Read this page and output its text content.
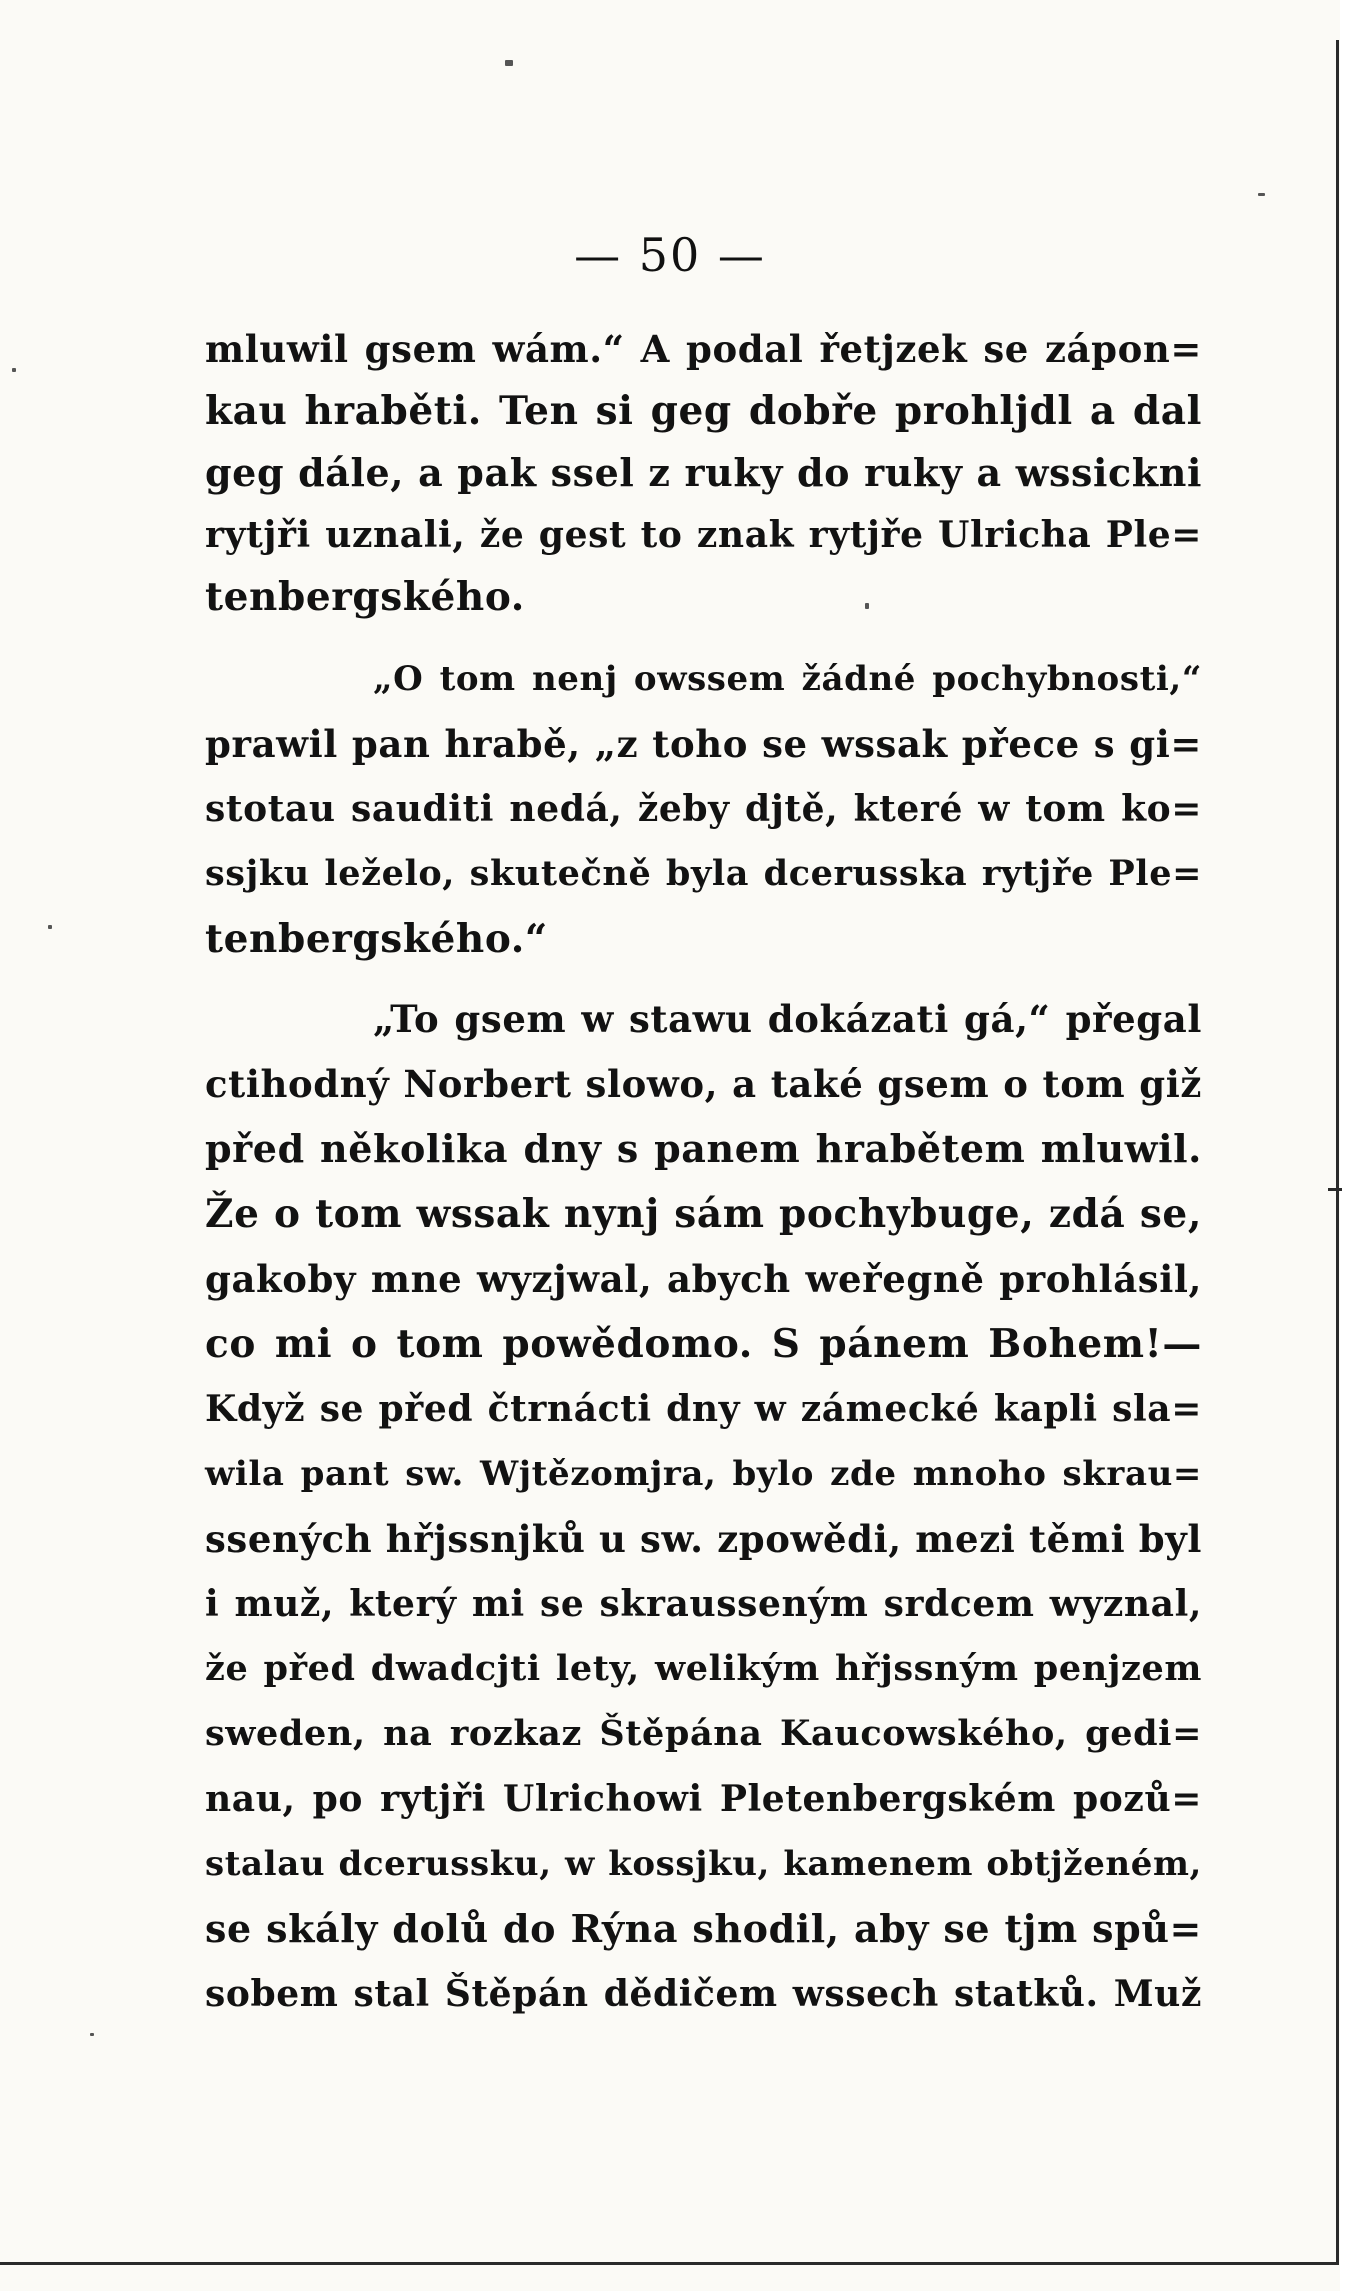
— 50 —
mluwil gsem wám.“ A podal řetjzek se zápon=
kau hraběti. Ten si geg dobře prohljdl a dal
geg dále, a pak ssel z ruky do ruky a wssickni
rytjři uznali, že gest to znak rytjře Ulricha Ple=
tenbergského.
„O tom nenj owssem žádné pochybnosti,“
prawil pan hrabě, „z toho se wssak přece s gi=
stotau sauditi nedá, žeby djtě, které w tom ko=
ssjku leželo, skutečně byla dcerusska rytjře Ple=
tenbergského.“
„To gsem w stawu dokázati gá,“ přegal
ctihodný Norbert slowo, a také gsem o tom giž
před několika dny s panem hrabětem mluwil.
Že o tom wssak nynj sám pochybuge, zdá se,
gakoby mne wyzjwal, abych weřegně prohlásil,
co mi o tom powědomo. S pánem Bohem!—
Když se před čtrnácti dny w zámecké kapli sla=
wila pant sw. Wjtězomjra, bylo zde mnoho skrau=
ssených hřjssnjků u sw. zpowědi, mezi těmi byl
i muž, který mi se skrausseným srdcem wyznal,
že před dwadcjti lety, welikým hřjssným penjzem
sweden, na rozkaz Štěpána Kaucowského, gedi=
nau, po rytjři Ulrichowi Pletenbergském pozů=
stalau dcerussku, w kossjku, kamenem obtjženém,
se skály dolů do Rýna shodil, aby se tjm spů=
sobem stal Štěpán dědičem wssech statků. Muž
